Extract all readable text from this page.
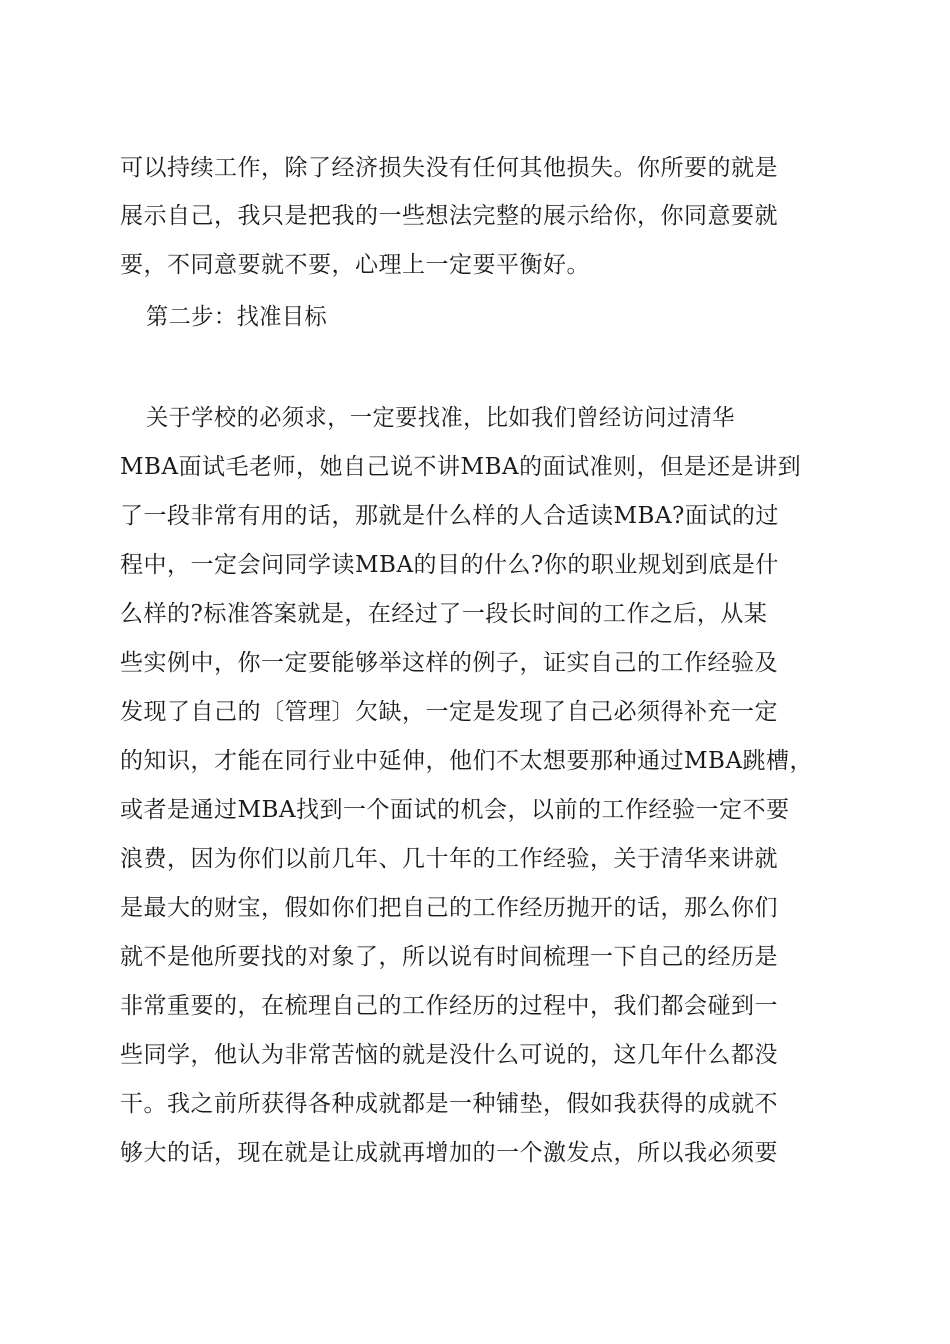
可以持续工作，除了经济损失没有任何其他损失。你所要的就是
展示自己，我只是把我的一些想法完整的展示给你，你同意要就
要，不同意要就不要，心理上一定要平衡好。
第二步：找准目标
关于学校的必须求，一定要找准，比如我们曾经访问过清华
MBA面试毛老师，她自己说不讲MBA的面试准则，但是还是讲到
了一段非常有用的话，那就是什么样的人合适读MBA?面试的过
程中，一定会问同学读MBA的目的什么?你的职业规划到底是什
么样的?标准答案就是，在经过了一段长时间的工作之后，从某
些实例中，你一定要能够举这样的例子，证实自己的工作经验及
发现了自己的〔管理〕欠缺，一定是发现了自己必须得补充一定
的知识，才能在同行业中延伸，他们不太想要那种通过MBA跳槽，
或者是通过MBA找到一个面试的机会，以前的工作经验一定不要
浪费，因为你们以前几年、几十年的工作经验，关于清华来讲就
是最大的财宝，假如你们把自己的工作经历抛开的话，那么你们
就不是他所要找的对象了，所以说有时间梳理一下自己的经历是
非常重要的，在梳理自己的工作经历的过程中，我们都会碰到一
些同学，他认为非常苦恼的就是没什么可说的，这几年什么都没
干。我之前所获得各种成就都是一种铺垫，假如我获得的成就不
够大的话，现在就是让成就再增加的一个激发点，所以我必须要
